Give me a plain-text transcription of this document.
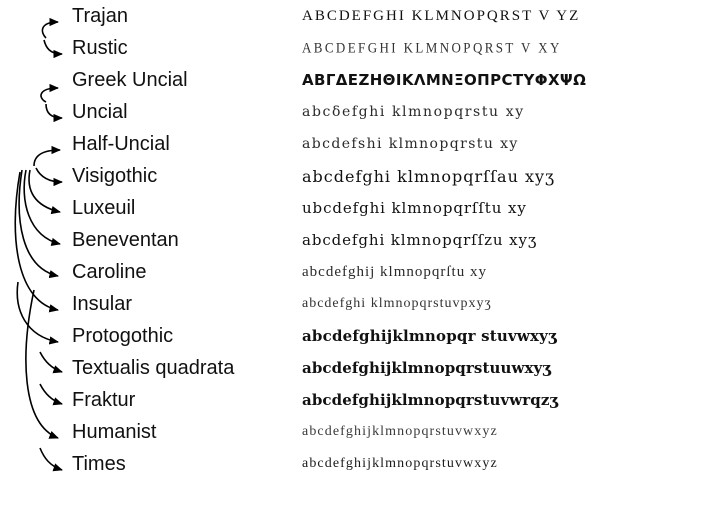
Trajan	ABCDEFGHI KLMNOPQRST V YZ
Rustic	ABCDEFGHI KLMNOPQRST V XY
Greek Uncial	ΑΒΓΔΕΖΗΘΙΚΛΜΝΞΟΠΡCΤΥΦΧΨΩ
Uncial	abcδefghi klmnopqrstu xy
Half-Uncial	abcdefshi klmnopqrstu xy
Visigothic	abcdefghi klmnopqrſſau xyʒ
Luxeuil	ubcdefghi klmnopqrſſtu xy
Beneventan	abcdefghi klmnopqrſſzu xyʒ
Caroline	abcdefghij klmnopqrſtu xy
Insular	abcdefghi klmnopqrstuvpxyʒ
Protogothic	abcdefghijklmnopqr stuvwxyʒ
Textualis quadrata	abcdefghijklmnopqrstuuwxyʒ
Fraktur	abcdefghijklmnopqrstuvwrqzʒ
Humanist	abcdefghijklmnopqrstuvwxyz
Times	abcdefghijklmnopqrstuvwxyz
